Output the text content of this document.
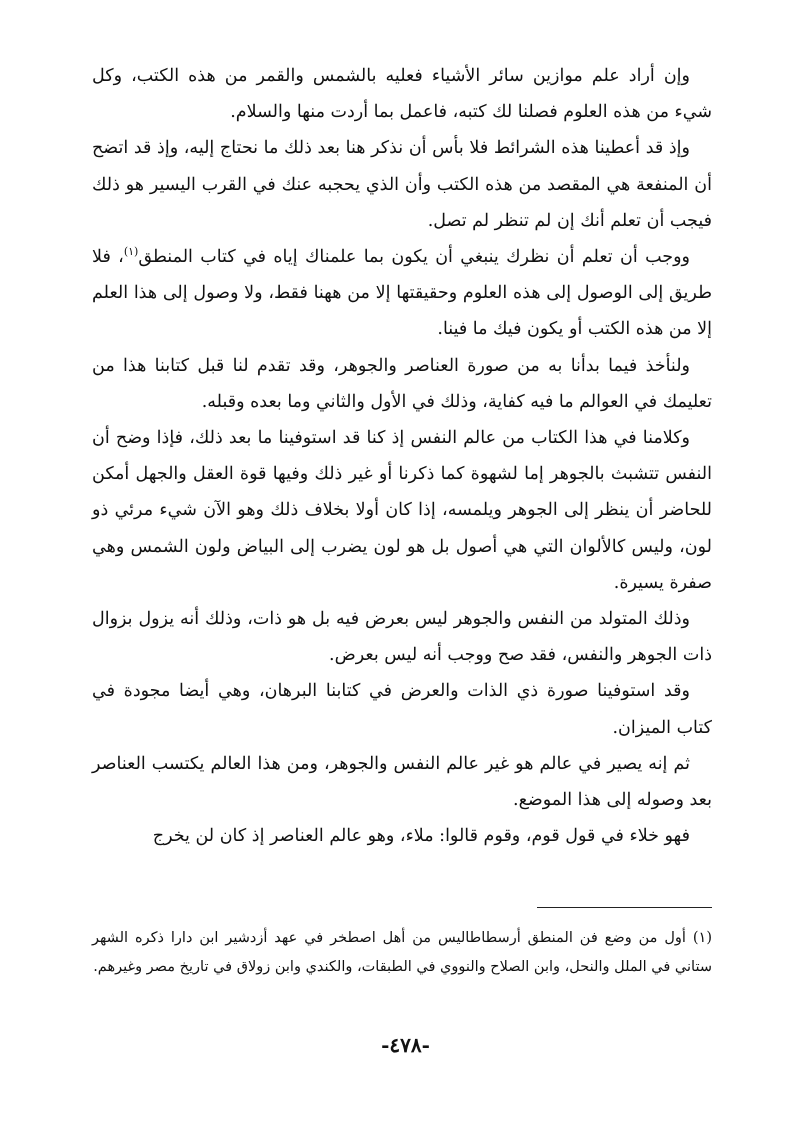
وإن أراد علم موازين سائر الأشياء فعليه بالشمس والقمر من هذه الكتب، وكل شيء من هذه العلوم فصلنا لك كتبه، فاعمل بما أردت منها والسلام.

وإذ قد أعطينا هذه الشرائط فلا بأس أن نذكر هنا بعد ذلك ما نحتاج إليه، وإذ قد اتضح أن المنفعة هي المقصد من هذه الكتب وأن الذي يحجبه عنك في القرب اليسير هو ذلك فيجب أن تعلم أنك إن لم تنظر لم تصل.

ووجب أن تعلم أن نظرك ينبغي أن يكون بما علمناك إياه في كتاب المنطق$^{(١)}$، فلا طريق إلى الوصول إلى هذه العلوم وحقيقتها إلا من ههنا فقط، ولا وصول إلى هذا العلم إلا من هذه الكتب أو يكون فيك ما فينا.

ولنأخذ فيما بدأنا به من صورة العناصر والجوهر، وقد تقدم لنا قبل كتابنا هذا من تعليمك في العوالم ما فيه كفاية، وذلك في الأول والثاني وما بعده وقبله.

وكلامنا في هذا الكتاب من عالم النفس إذ كنا قد استوفينا ما بعد ذلك، فإذا وضح أن النفس تتشبث بالجوهر إما لشهوة كما ذكرنا أو غير ذلك وفيها قوة العقل والجهل أمكن للحاضر أن ينظر إلى الجوهر ويلمسه، إذا كان أولا بخلاف ذلك وهو الآن شيء مرئي ذو لون، وليس كالألوان التي هي أصول بل هو لون يضرب إلى البياض ولون الشمس وهي صفرة يسيرة.

وذلك المتولد من النفس والجوهر ليس بعرض فيه بل هو ذات، وذلك أنه يزول بزوال ذات الجوهر والنفس، فقد صح ووجب أنه ليس بعرض.

وقد استوفينا صورة ذي الذات والعرض في كتابنا البرهان، وهي أيضا مجودة في كتاب الميزان.

ثم إنه يصير في عالم هو غير عالم النفس والجوهر، ومن هذا العالم يكتسب العناصر بعد وصوله إلى هذا الموضع.

فهو خلاء في قول قوم، وقوم قالوا: ملاء، وهو عالم العناصر إذ كان لن يخرج

(١) أول من وضع فن المنطق أرسطاطاليس من أهل اصطخر في عهد أزدشير ابن دارا ذكره الشهر ستاني في الملل والنحل، وابن الصلاح والنووي في الطبقات، والكندي وابن زولاق في تاريخ مصر وغيرهم.

-٤٧٨-
